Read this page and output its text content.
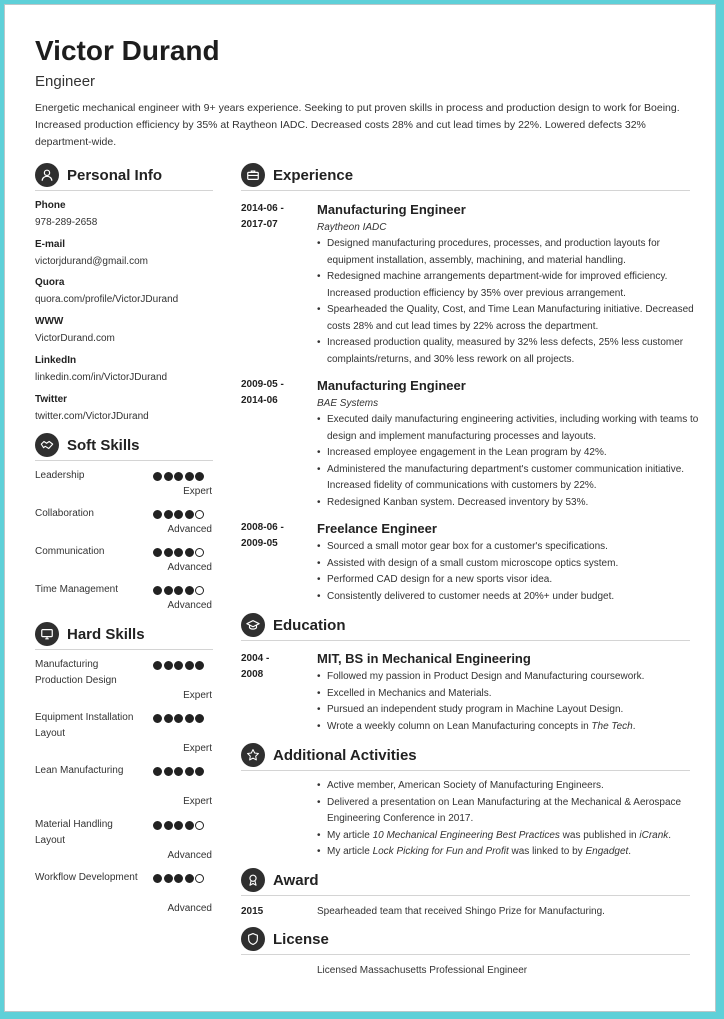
Victor Durand
Engineer
Energetic mechanical engineer with 9+ years experience. Seeking to put proven skills in process and production design to work for Boeing. Increased production efficiency by 35% at Raytheon IADC. Decreased costs 28% and cut lead times by 22%. Lowered defects 32% department-wide.
Personal Info
Phone
978-289-2658
E-mail
victorjdurand@gmail.com
Quora
quora.com/profile/VictorJDurand
WWW
VictorDurand.com
LinkedIn
linkedin.com/in/VictorJDurand
Twitter
twitter.com/VictorJDurand
Soft Skills
Leadership
Expert
Collaboration
Advanced
Communication
Advanced
Time Management
Advanced
Hard Skills
Manufacturing Production Design
Expert
Equipment Installation Layout
Expert
Lean Manufacturing
Expert
Material Handling Layout
Advanced
Workflow Development
Advanced
Experience
2014-06 -
2017-07
Manufacturing Engineer
Raytheon IADC
• Designed manufacturing procedures, processes, and production layouts for equipment installation, assembly, machining, and material handling.
• Redesigned machine arrangements department-wide for improved efficiency. Increased production efficiency by 35% over previous arrangement.
• Spearheaded the Quality, Cost, and Time Lean Manufacturing initiative. Decreased costs 28% and cut lead times by 22% across the department.
• Increased production quality, measured by 32% less defects, 25% less customer complaints/returns, and 30% less rework on all projects.
2009-05 -
2014-06
Manufacturing Engineer
BAE Systems
• Executed daily manufacturing engineering activities, including working with teams to design and implement manufacturing processes and layouts.
• Increased employee engagement in the Lean program by 42%.
• Administered the manufacturing department's customer communication initiative. Increased fidelity of communications with customers by 22%.
• Redesigned Kanban system. Decreased inventory by 53%.
2008-06 -
2009-05
Freelance Engineer
• Sourced a small motor gear box for a customer's specifications.
• Assisted with design of a small custom microscope optics system.
• Performed CAD design for a new sports visor idea.
• Consistently delivered to customer needs at 20%+ under budget.
Education
2004 -
2008
MIT, BS in Mechanical Engineering
• Followed my passion in Product Design and Manufacturing coursework.
• Excelled in Mechanics and Materials.
• Pursued an independent study program in Machine Layout Design.
• Wrote a weekly column on Lean Manufacturing concepts in The Tech.
Additional Activities
• Active member, American Society of Manufacturing Engineers.
• Delivered a presentation on Lean Manufacturing at the Mechanical & Aerospace Engineering Conference in 2017.
• My article 10 Mechanical Engineering Best Practices was published in iCrank.
• My article Lock Picking for Fun and Profit was linked to by Engadget.
Award
2015	Spearheaded team that received Shingo Prize for Manufacturing.
License
Licensed Massachusetts Professional Engineer
